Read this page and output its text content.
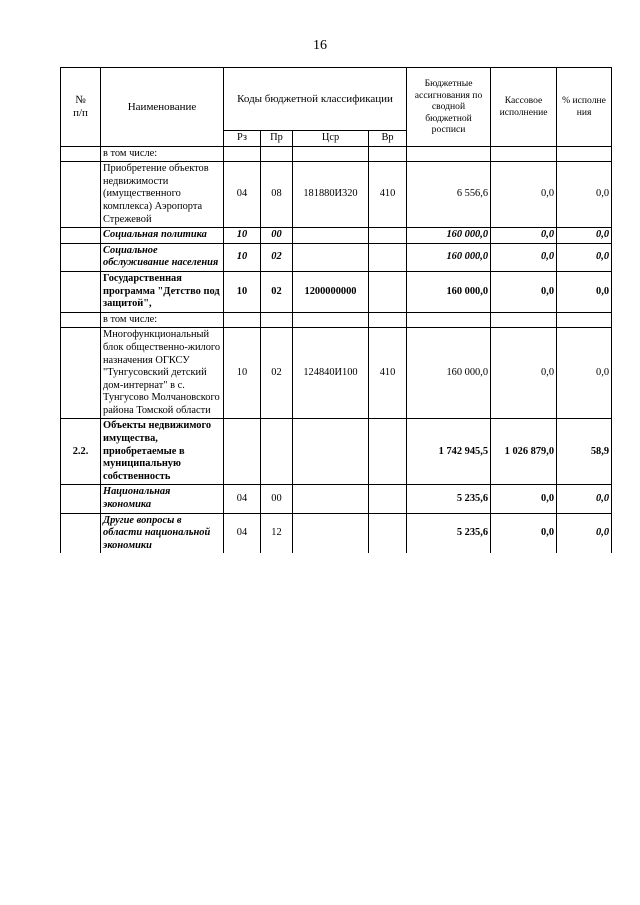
16
№
п/п	Наименование	Коды бюджетной классификации				Бюджетные ассигнования по сводной бюджетной росписи	Кассовое исполнение	% исполне ния
		Рз	Пр	Цср	Вр			
	в том числе:							
	Приобретение объектов недвижимости (имущественного комплекса) Аэропорта Стрежевой	04	08	181880И320	410	6 556,6	0,0	0,0
	Социальная политика	10	00			160 000,0	0,0	0,0
	Социальное обслуживание населения	10	02			160 000,0	0,0	0,0
	Государственная программа "Детство под защитой",	10	02	1200000000		160 000,0	0,0	0,0
	в том числе:							
	Многофункциональный блок общественно-жилого назначения ОГКСУ "Тунгусовский детский дом-интернат" в с. Тунгусово Молчановского района Томской области	10	02	124840И100	410	160 000,0	0,0	0,0
2.2.	Объекты недвижимого имущества, приобретаемые в муниципальную собственность					1 742 945,5	1 026 879,0	58,9
	Национальная экономика	04	00			5 235,6	0,0	0,0
	Другие вопросы в области национальной экономики	04	12			5 235,6	0,0	0,0
